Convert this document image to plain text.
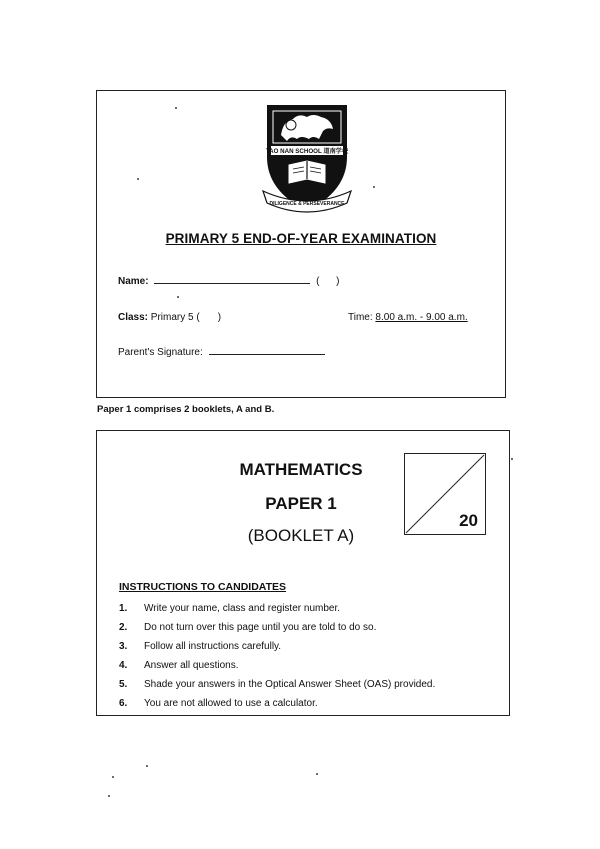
TAO NAN SCHOOL 道南学校
DILIGENCE & PERSEVERANCE
PRIMARY 5 END-OF-YEAR EXAMINATION
Name:	(      )
Class: Primary 5 ( )	Time: 8.00 a.m. - 9.00 a.m.
Parent's Signature:
Paper 1 comprises 2 booklets, A and B.
MATHEMATICS
PAPER 1
(BOOKLET A)
20
INSTRUCTIONS TO CANDIDATES
1.	Write your name, class and register number.
2.	Do not turn over this page until you are told to do so.
3.	Follow all instructions carefully.
4.	Answer all questions.
5.	Shade your answers in the Optical Answer Sheet (OAS) provided.
6.	You are not allowed to use a calculator.
